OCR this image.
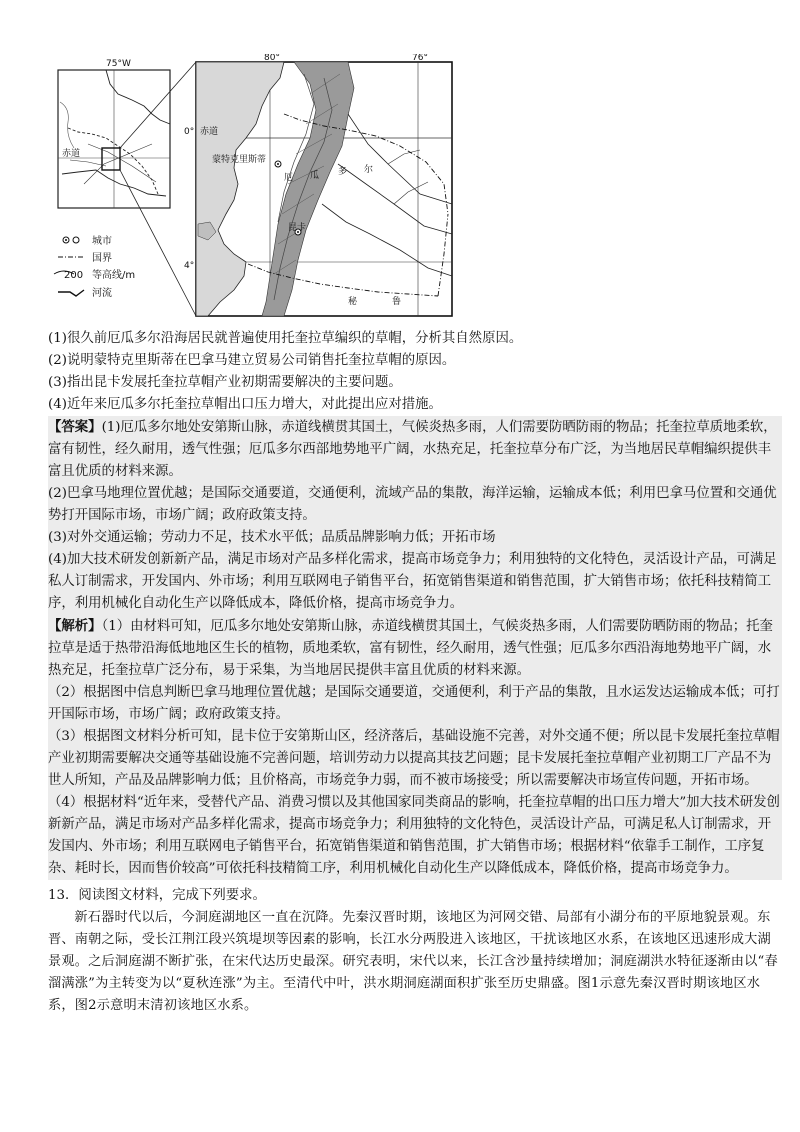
75°W
赤道
80°	76°
0°
4°
赤道
蒙特克里斯蒂
厄 瓜 多 尔
昆卡
秘	鲁
城市
国界
200 等高线/m
河流

(1)很久前厄瓜多尔沿海居民就普遍使用托奎拉草编织的草帽，分析其自然原因。

(2)说明蒙特克里斯蒂在巴拿马建立贸易公司销售托奎拉草帽的原因。

(3)指出昆卡发展托奎拉草帽产业初期需要解决的主要问题。

(4)近年来厄瓜多尔托奎拉草帽出口压力增大，对此提出应对措施。

【答案】(1)厄瓜多尔地处安第斯山脉，赤道线横贯其国土，气候炎热多雨，人们需要防晒防雨的物品；托奎拉草质地柔软，富有韧性，经久耐用，透气性强；厄瓜多尔西部地势地平广阔，水热充足，托奎拉草分布广泛，为当地居民草帽编织提供丰富且优质的材料来源。

(2)巴拿马地理位置优越；是国际交通要道，交通便利，流域产品的集散，海洋运输，运输成本低；利用巴拿马位置和交通优势打开国际市场，市场广阔；政府政策支持。

(3)对外交通运输；劳动力不足，技术水平低；品质品牌影响力低；开拓市场

(4)加大技术研发创新新产品，满足市场对产品多样化需求，提高市场竞争力；利用独特的文化特色，灵活设计产品，可满足私人订制需求，开发国内、外市场；利用互联网电子销售平台，拓宽销售渠道和销售范围，扩大销售市场；依托科技精简工序，利用机械化自动化生产以降低成本，降低价格，提高市场竞争力。

【解析】（1）由材料可知，厄瓜多尔地处安第斯山脉，赤道线横贯其国土，气候炎热多雨，人们需要防晒防雨的物品；托奎拉草是适于热带沿海低地地区生长的植物，质地柔软，富有韧性，经久耐用，透气性强；厄瓜多尔西沿海地势地平广阔，水热充足，托奎拉草广泛分布，易于采集，为当地居民提供丰富且优质的材料来源。

（2）根据图中信息判断巴拿马地理位置优越；是国际交通要道，交通便利，利于产品的集散，且水运发达运输成本低；可打开国际市场，市场广阔；政府政策支持。

（3）根据图文材料分析可知，昆卡位于安第斯山区，经济落后，基础设施不完善，对外交通不便；所以昆卡发展托奎拉草帽产业初期需要解决交通等基础设施不完善问题，培训劳动力以提高其技艺问题；昆卡发展托奎拉草帽产业初期工厂产品不为世人所知，产品及品牌影响力低；且价格高，市场竞争力弱，而不被市场接受；所以需要解决市场宣传问题，开拓市场。

（4）根据材料“近年来，受替代产品、消费习惯以及其他国家同类商品的影响，托奎拉草帽的出口压力增大”加大技术研发创新新产品，满足市场对产品多样化需求，提高市场竞争力；利用独特的文化特色，灵活设计产品，可满足私人订制需求，开发国内、外市场；利用互联网电子销售平台，拓宽销售渠道和销售范围，扩大销售市场；根据材料“依靠手工制作，工序复杂、耗时长，因而售价较高”可依托科技精简工序，利用机械化自动化生产以降低成本，降低价格，提高市场竞争力。

13．阅读图文材料，完成下列要求。

新石器时代以后，今洞庭湖地区一直在沉降。先秦汉晋时期，该地区为河网交错、局部有小湖分布的平原地貌景观。东晋、南朝之际，受长江荆江段兴筑堤坝等因素的影响，长江水分两股进入该地区，干扰该地区水系，在该地区迅速形成大湖景观。之后洞庭湖不断扩张，在宋代达历史最深。研究表明，宋代以来，长江含沙量持续增加；洞庭湖洪水特征逐渐由以“春溜满涨”为主转变为以“夏秋连涨”为主。至清代中叶，洪水期洞庭湖面积扩张至历史鼎盛。图1示意先秦汉晋时期该地区水系，图2示意明末清初该地区水系。
